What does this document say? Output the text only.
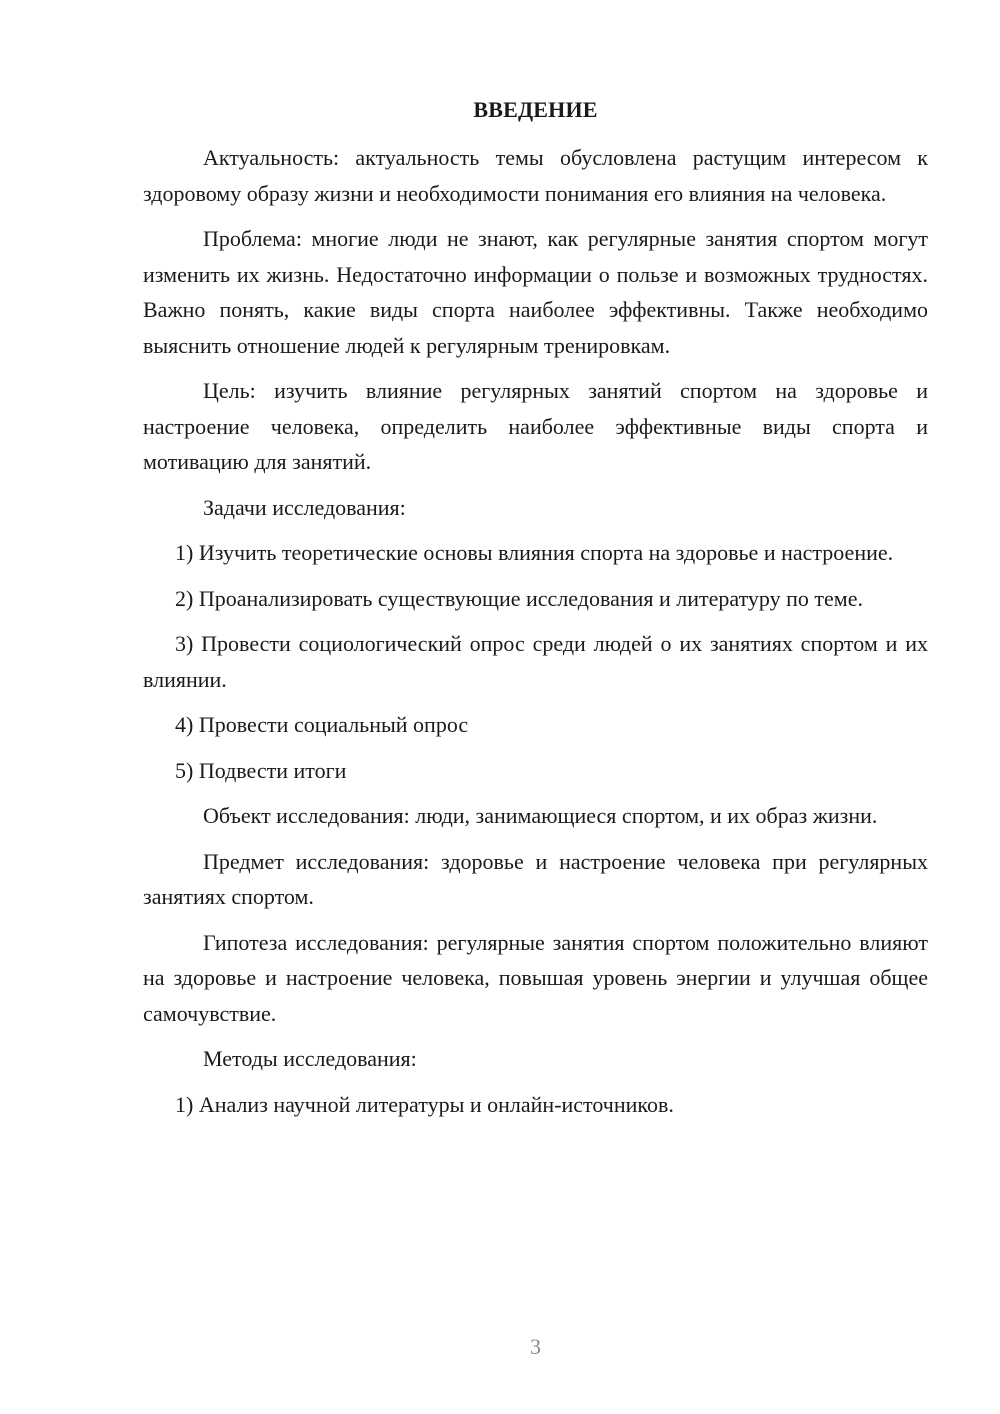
ВВЕДЕНИЕ

Актуальность: актуальность темы обусловлена растущим интересом к здоровому образу жизни и необходимости понимания его влияния на человека.

Проблема: многие люди не знают, как регулярные занятия спортом могут изменить их жизнь. Недостаточно информации о пользе и возможных трудностях. Важно понять, какие виды спорта наиболее эффективны. Также необходимо выяснить отношение людей к регулярным тренировкам.

Цель: изучить влияние регулярных занятий спортом на здоровье и настроение человека, определить наиболее эффективные виды спорта и мотивацию для занятий.

Задачи исследования:

1) Изучить теоретические основы влияния спорта на здоровье и настроение.

2) Проанализировать существующие исследования и литературу по теме.

3) Провести социологический опрос среди людей о их занятиях спортом и их влиянии.

4) Провести социальный опрос

5) Подвести итоги

Объект исследования: люди, занимающиеся спортом, и их образ жизни.

Предмет исследования: здоровье и настроение человека при регулярных занятиях спортом.

Гипотеза исследования: регулярные занятия спортом положительно влияют на здоровье и настроение человека, повышая уровень энергии и улучшая общее самочувствие.

Методы исследования:

1) Анализ научной литературы и онлайн-источников.

3
